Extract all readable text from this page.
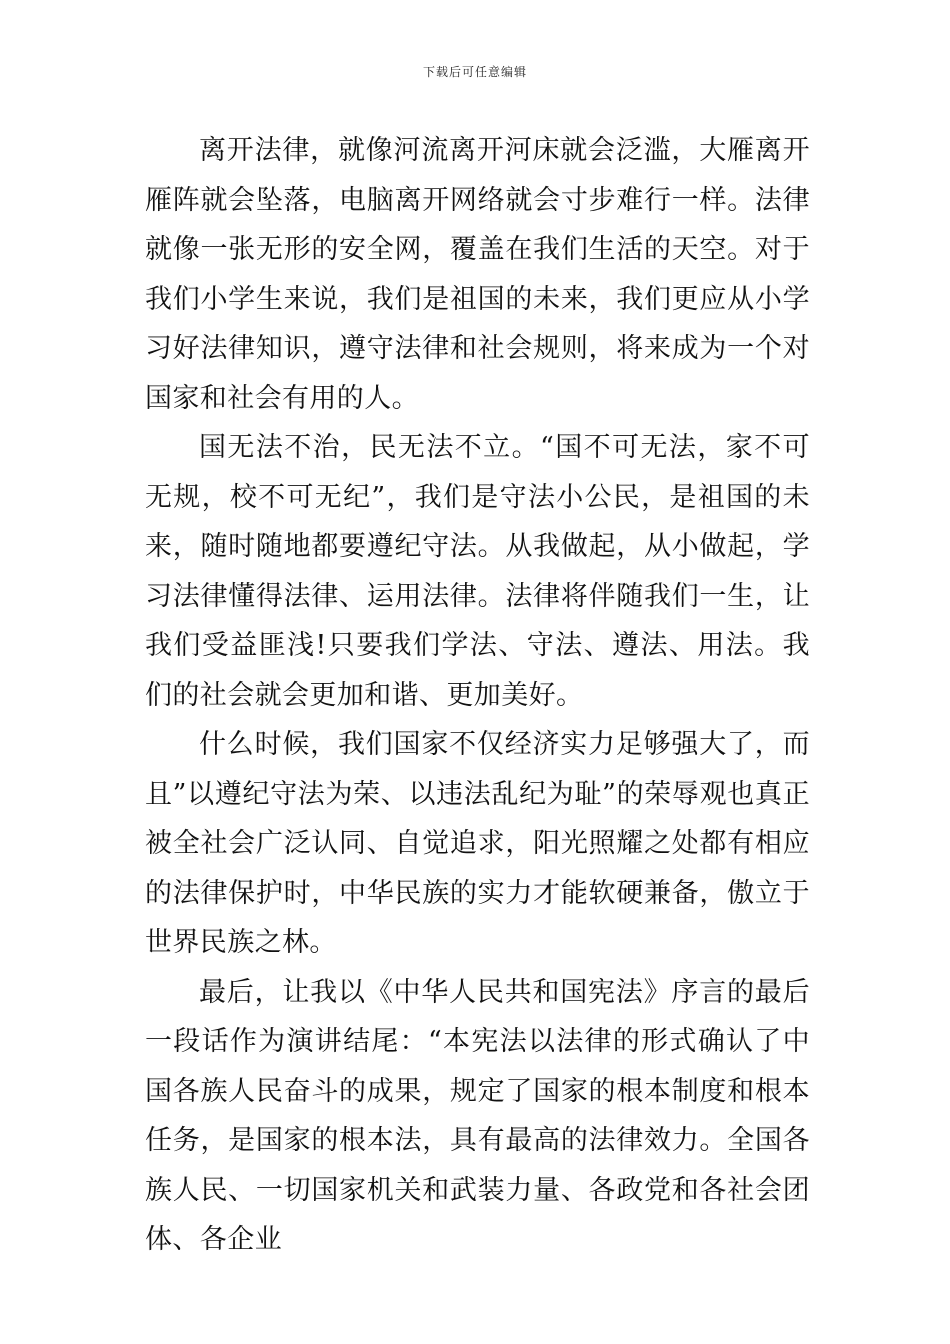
下载后可任意编辑

离开法律，就像河流离开河床就会泛滥，大雁离开雁阵就会坠落，电脑离开网络就会寸步难行一样。法律就像一张无形的安全网，覆盖在我们生活的天空。对于我们小学生来说，我们是祖国的未来，我们更应从小学习好法律知识，遵守法律和社会规则，将来成为一个对国家和社会有用的人。

国无法不治，民无法不立。“国不可无法，家不可无规，校不可无纪”，我们是守法小公民，是祖国的未来，随时随地都要遵纪守法。从我做起，从小做起，学习法律懂得法律、运用法律。法律将伴随我们一生，让我们受益匪浅!只要我们学法、守法、遵法、用法。我们的社会就会更加和谐、更加美好。

什么时候，我们国家不仅经济实力足够强大了，而且”以遵纪守法为荣、以违法乱纪为耻”的荣辱观也真正被全社会广泛认同、自觉追求，阳光照耀之处都有相应的法律保护时，中华民族的实力才能软硬兼备，傲立于世界民族之林。

最后，让我以《中华人民共和国宪法》序言的最后一段话作为演讲结尾：“本宪法以法律的形式确认了中国各族人民奋斗的成果，规定了国家的根本制度和根本任务，是国家的根本法，具有最高的法律效力。全国各族人民、一切国家机关和武装力量、各政党和各社会团体、各企业
